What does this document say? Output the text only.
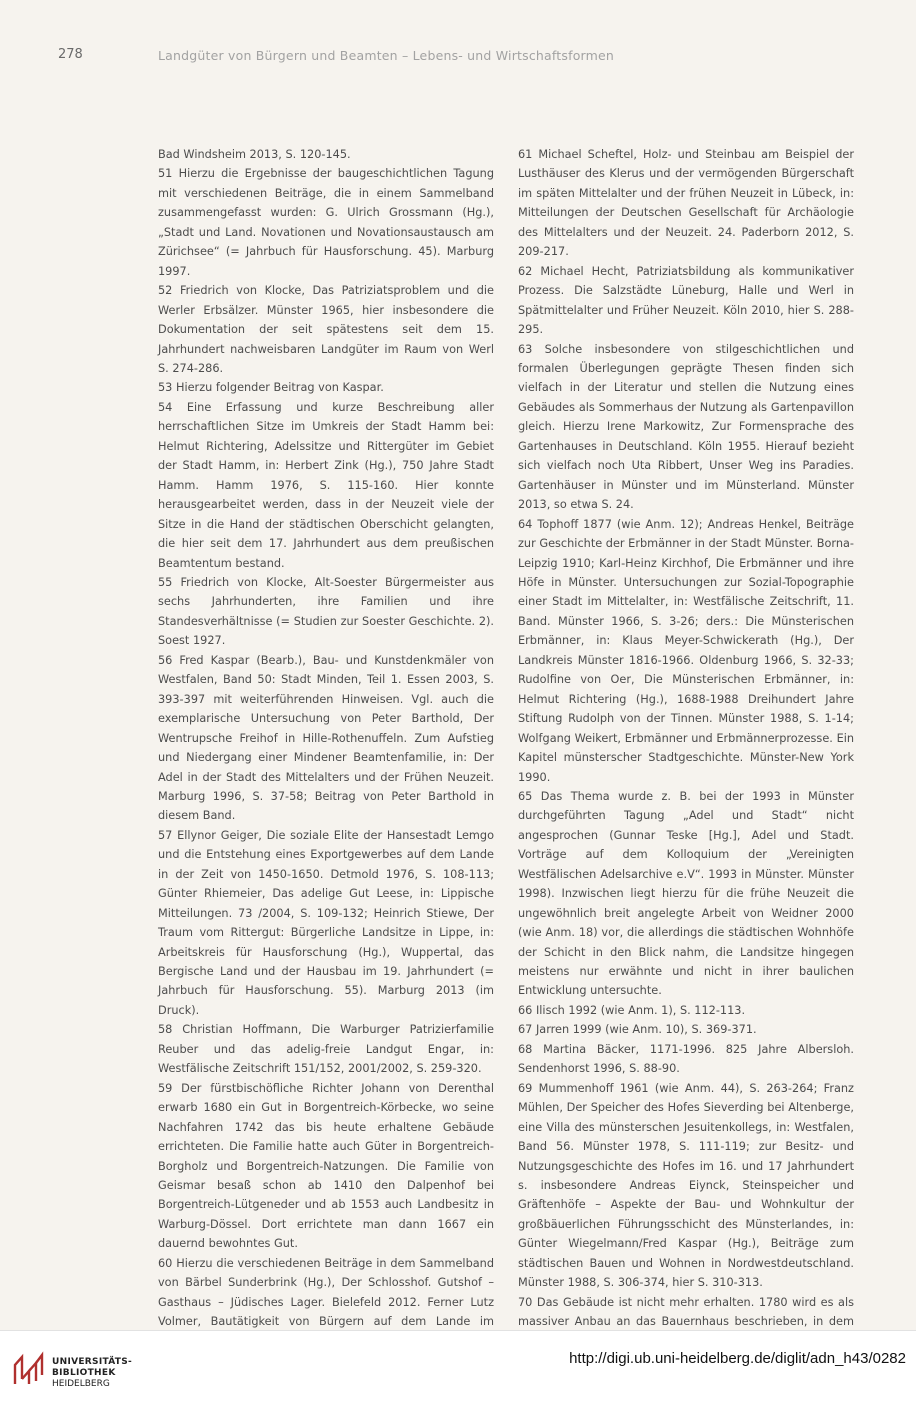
278	Landgüter von Bürgern und Beamten – Lebens- und Wirtschaftsformen

Bad Windsheim 2013, S. 120-145.

51 Hierzu die Ergebnisse der baugeschichtlichen Tagung mit verschiedenen Beiträge, die in einem Sammelband zusammengefasst wurden: G. Ulrich Grossmann (Hg.), „Stadt und Land. Novationen und Novationsaustausch am Zürichsee“ (= Jahrbuch für Hausforschung. 45). Marburg 1997.

52 Friedrich von Klocke, Das Patriziatsproblem und die Werler Erbsälzer. Münster 1965, hier insbesondere die Dokumentation der seit spätestens seit dem 15. Jahrhundert nachweisbaren Landgüter im Raum von Werl S. 274-286.

53 Hierzu folgender Beitrag von Kaspar.

54 Eine Erfassung und kurze Beschreibung aller herrschaftlichen Sitze im Umkreis der Stadt Hamm bei: Helmut Richtering, Adelssitze und Rittergüter im Gebiet der Stadt Hamm, in: Herbert Zink (Hg.), 750 Jahre Stadt Hamm. Hamm 1976, S. 115-160. Hier konnte herausgearbeitet werden, dass in der Neuzeit viele der Sitze in die Hand der städtischen Oberschicht gelangten, die hier seit dem 17. Jahrhundert aus dem preußischen Beamtentum bestand.

55 Friedrich von Klocke, Alt-Soester Bürgermeister aus sechs Jahrhunderten, ihre Familien und ihre Standesverhältnisse (= Studien zur Soester Geschichte. 2). Soest 1927.

56 Fred Kaspar (Bearb.), Bau- und Kunstdenkmäler von Westfalen, Band 50: Stadt Minden, Teil 1. Essen 2003, S. 393-397 mit weiterführenden Hinweisen. Vgl. auch die exemplarische Untersuchung von Peter Barthold, Der Wentrupsche Freihof in Hille-Rothenuffeln. Zum Aufstieg und Niedergang einer Mindener Beamtenfamilie, in: Der Adel in der Stadt des Mittelalters und der Frühen Neuzeit. Marburg 1996, S. 37-58; Beitrag von Peter Barthold in diesem Band.

57 Ellynor Geiger, Die soziale Elite der Hansestadt Lemgo und die Entstehung eines Exportgewerbes auf dem Lande in der Zeit von 1450-1650. Detmold 1976, S. 108-113; Günter Rhiemeier, Das adelige Gut Leese, in: Lippische Mitteilungen. 73 /2004, S. 109-132; Heinrich Stiewe, Der Traum vom Rittergut: Bürgerliche Landsitze in Lippe, in: Arbeitskreis für Hausforschung (Hg.), Wuppertal, das Bergische Land und der Hausbau im 19. Jahrhundert (= Jahrbuch für Hausforschung. 55). Marburg 2013 (im Druck).

58 Christian Hoffmann, Die Warburger Patrizierfamilie Reuber und das adelig-freie Landgut Engar, in: Westfälische Zeitschrift 151/152, 2001/2002, S. 259-320.

59 Der fürstbischöfliche Richter Johann von Derenthal erwarb 1680 ein Gut in Borgentreich-Körbecke, wo seine Nachfahren 1742 das bis heute erhaltene Gebäude errichteten. Die Familie hatte auch Güter in Borgentreich-Borgholz und Borgentreich-Natzungen. Die Familie von Geismar besaß schon ab 1410 den Dalpenhof bei Borgentreich-Lütgeneder und ab 1553 auch Landbesitz in Warburg-Dössel. Dort errichtete man dann 1667 ein dauernd bewohntes Gut.

60 Hierzu die verschiedenen Beiträge in dem Sammelband von Bärbel Sunderbrink (Hg.), Der Schlosshof. Gutshof – Gasthaus – Jüdisches Lager. Bielefeld 2012. Ferner Lutz Volmer, Bautätigkeit von Bürgern auf dem Lande im

61 Michael Scheftel, Holz- und Steinbau am Beispiel der Lusthäuser des Klerus und der vermögenden Bürgerschaft im späten Mittelalter und der frühen Neuzeit in Lübeck, in: Mitteilungen der Deutschen Gesellschaft für Archäologie des Mittelalters und der Neuzeit. 24. Paderborn 2012, S. 209-217.

62 Michael Hecht, Patriziatsbildung als kommunikativer Prozess. Die Salzstädte Lüneburg, Halle und Werl in Spätmittelalter und Früher Neuzeit. Köln 2010, hier S. 288-295.

63 Solche insbesondere von stilgeschichtlichen und formalen Überlegungen geprägte Thesen finden sich vielfach in der Literatur und stellen die Nutzung eines Gebäudes als Sommerhaus der Nutzung als Gartenpavillon gleich. Hierzu Irene Markowitz, Zur Formensprache des Gartenhauses in Deutschland. Köln 1955. Hierauf bezieht sich vielfach noch Uta Ribbert, Unser Weg ins Paradies. Gartenhäuser in Münster und im Münsterland. Münster 2013, so etwa S. 24.

64 Tophoff 1877 (wie Anm. 12); Andreas Henkel, Beiträge zur Geschichte der Erbmänner in der Stadt Münster. Borna-Leipzig 1910; Karl-Heinz Kirchhof, Die Erbmänner und ihre Höfe in Münster. Untersuchungen zur Sozial-Topographie einer Stadt im Mittelalter, in: Westfälische Zeitschrift, 11. Band. Münster 1966, S. 3-26; ders.: Die Münsterischen Erbmänner, in: Klaus Meyer-Schwickerath (Hg.), Der Landkreis Münster 1816-1966. Oldenburg 1966, S. 32-33; Rudolfine von Oer, Die Münsterischen Erbmänner, in: Helmut Richtering (Hg.), 1688-1988 Dreihundert Jahre Stiftung Rudolph von der Tinnen. Münster 1988, S. 1-14; Wolfgang Weikert, Erbmänner und Erbmännerprozesse. Ein Kapitel münsterscher Stadtgeschichte. Münster-New York 1990.

65 Das Thema wurde z. B. bei der 1993 in Münster durchgeführten Tagung „Adel und Stadt“ nicht angesprochen (Gunnar Teske [Hg.], Adel und Stadt. Vorträge auf dem Kolloquium der „Vereinigten Westfälischen Adelsarchive e.V“. 1993 in Münster. Münster 1998). Inzwischen liegt hierzu für die frühe Neuzeit die ungewöhnlich breit angelegte Arbeit von Weidner 2000 (wie Anm. 18) vor, die allerdings die städtischen Wohnhöfe der Schicht in den Blick nahm, die Landsitze hingegen meistens nur erwähnte und nicht in ihrer baulichen Entwicklung untersuchte.

66 Ilisch 1992 (wie Anm. 1), S. 112-113.

67 Jarren 1999 (wie Anm. 10), S. 369-371.

68 Martina Bäcker, 1171-1996. 825 Jahre Albersloh. Sendenhorst 1996, S. 88-90.

69 Mummenhoff 1961 (wie Anm. 44), S. 263-264; Franz Mühlen, Der Speicher des Hofes Sieverding bei Altenberge, eine Villa des münsterschen Jesuitenkollegs, in: Westfalen, Band 56. Münster 1978, S. 111-119; zur Besitz- und Nutzungsgeschichte des Hofes im 16. und 17 Jahrhundert s. insbesondere Andreas Eiynck, Steinspeicher und Gräftenhöfe – Aspekte der Bau- und Wohnkultur der großbäuerlichen Führungsschicht des Münsterlandes, in: Günter Wiegelmann/Fred Kaspar (Hg.), Beiträge zum städtischen Bauen und Wohnen in Nordwestdeutschland. Münster 1988, S. 306-374, hier S. 310-313.

70 Das Gebäude ist nicht mehr erhalten. 1780 wird es als massiver Anbau an das Bauernhaus beschrieben, in dem

UNIVERSITÄTS-
BIBLIOTHEK
HEIDELBERG
http://digi.ub.uni-heidelberg.de/diglit/adn_h43/0282
